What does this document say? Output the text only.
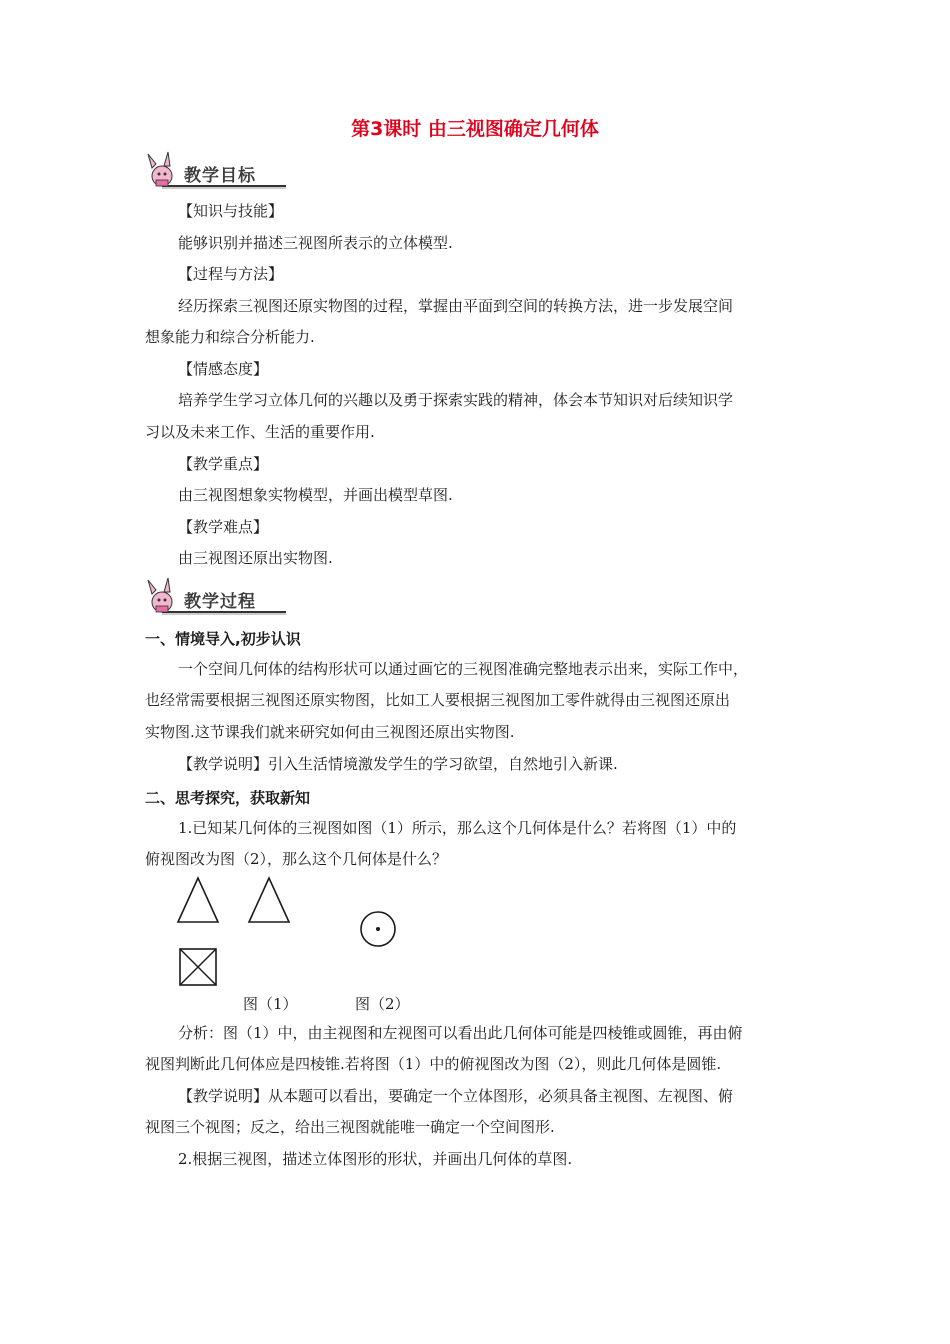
第3课时 由三视图确定几何体
教学目标
【知识与技能】
能够识别并描述三视图所表示的立体模型.
【过程与方法】
经历探索三视图还原实物图的过程，掌握由平面到空间的转换方法，进一步发展空间
想象能力和综合分析能力.
【情感态度】
培养学生学习立体几何的兴趣以及勇于探索实践的精神，体会本节知识对后续知识学
习以及未来工作、生活的重要作用.
【教学重点】
由三视图想象实物模型，并画出模型草图.
【教学难点】
由三视图还原出实物图.
教学过程
一、情境导入,初步认识
一个空间几何体的结构形状可以通过画它的三视图准确完整地表示出来，实际工作中，
也经常需要根据三视图还原实物图，比如工人要根据三视图加工零件就得由三视图还原出
实物图.这节课我们就来研究如何由三视图还原出实物图.
【教学说明】引入生活情境激发学生的学习欲望，自然地引入新课.
二、思考探究，获取新知
1.已知某几何体的三视图如图（1）所示，那么这个几何体是什么？若将图（1）中的
俯视图改为图（2），那么这个几何体是什么？
图（1）	图（2）
分析：图（1）中，由主视图和左视图可以看出此几何体可能是四棱锥或圆锥，再由俯
视图判断此几何体应是四棱锥.若将图（1）中的俯视图改为图（2），则此几何体是圆锥.
【教学说明】从本题可以看出，要确定一个立体图形，必须具备主视图、左视图、俯
视图三个视图；反之，给出三视图就能唯一确定一个空间图形.
2.根据三视图，描述立体图形的形状，并画出几何体的草图.
